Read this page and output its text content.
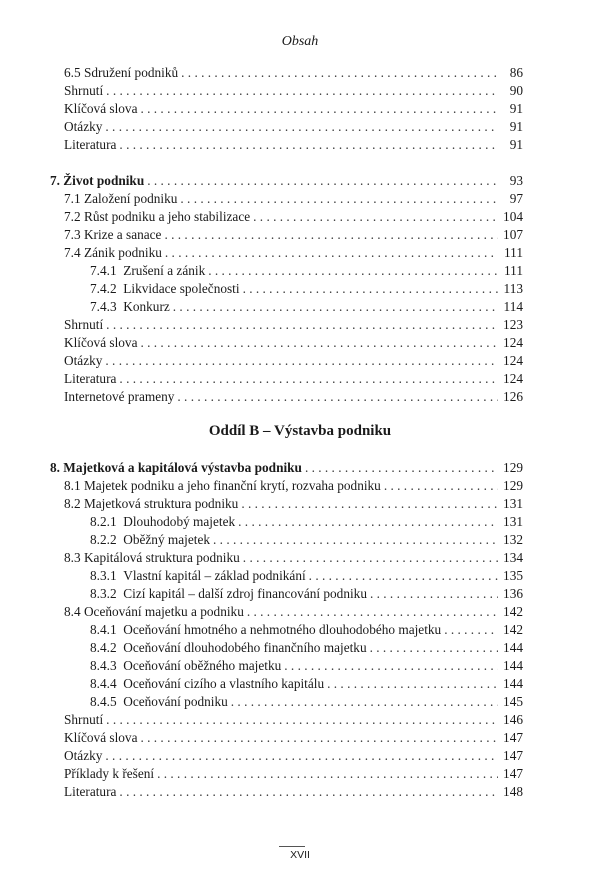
Obsah
6.5 Sdružení podniků . . .	86
Shrnutí . . .	90
Klíčová slova . . .	91
Otázky . . .	91
Literatura . . .	91
7. Život podniku . . .	93
7.1 Založení podniku . . .	97
7.2 Růst podniku a jeho stabilizace . . .	104
7.3 Krize a sanace . . .	107
7.4 Zánik podniku . . .	111
7.4.1 Zrušení a zánik . . .	111
7.4.2 Likvidace společnosti . . .	113
7.4.3 Konkurz . . .	114
Shrnutí . . .	123
Klíčová slova . . .	124
Otázky . . .	124
Literatura . . .	124
Internetové prameny . . .	126
Oddíl B – Výstavba podniku
8. Majetková a kapitálová výstavba podniku . . .	129
8.1 Majetek podniku a jeho finanční krytí, rozvaha podniku . . .	129
8.2 Majetková struktura podniku . . .	131
8.2.1 Dlouhodobý majetek . . .	131
8.2.2 Oběžný majetek . . .	132
8.3 Kapitálová struktura podniku . . .	134
8.3.1 Vlastní kapitál – základ podnikání . . .	135
8.3.2 Cizí kapitál – další zdroj financování podniku . . .	136
8.4 Oceňování majetku a podniku . . .	142
8.4.1 Oceňování hmotného a nehmotného dlouhodobého majetku . . .	142
8.4.2 Oceňování dlouhodobého finančního majetku . . .	144
8.4.3 Oceňování oběžného majetku . . .	144
8.4.4 Oceňování cizího a vlastního kapitálu . . .	144
8.4.5 Oceňování podniku . . .	145
Shrnutí . . .	146
Klíčová slova . . .	147
Otázky . . .	147
Příklady k řešení . . .	147
Literatura . . .	148
XVII
